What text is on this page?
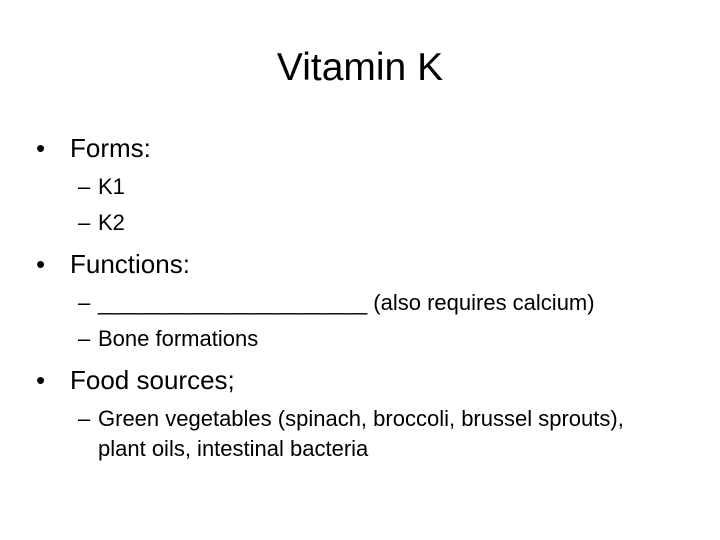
Vitamin K
• Forms:
– K1
– K2
• Functions:
– ______________________ (also requires calcium)
– Bone formations
• Food sources;
– Green vegetables (spinach, broccoli, brussel sprouts), plant oils, intestinal bacteria
